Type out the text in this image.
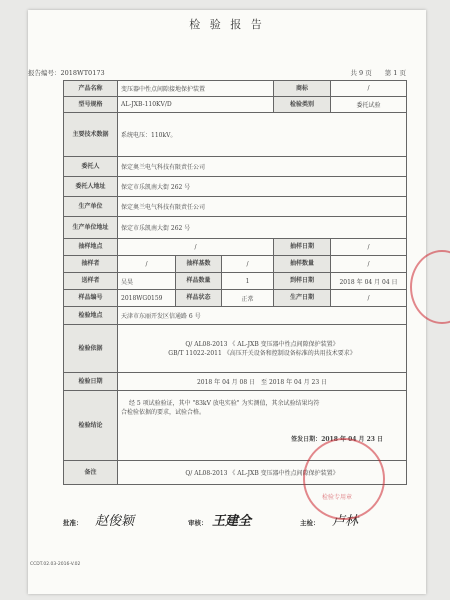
检 验 报 告
报告编号：2018WT0173	共 9 页　　第 1 页
产品名称	变压器中性点间隙接地保护装置			商标	/
型号规格	AL-JXB-110KV/D			检验类别	委托试验
主要技术数据	系统电压：110kV。				
委托人	保定奥兰电气科技有限责任公司				
委托人地址	保定市乐凯南大街 262 号				
生产单位	保定奥兰电气科技有限责任公司				
生产单位地址	保定市乐凯南大街 262 号				
抽样地点	/			抽样日期	/
抽样者	/	抽样基数	/	抽样数量	/
送样者	吴昊	样品数量	1	到样日期	2018 年 04 月 04 日
样品编号	2018WG0159	样品状态	正常	生产日期	/
检验地点	天津市东丽开发区信通路 6 号				
检验依据	Q/ AL08-2013 《 AL-JXB 变压器中性点间隙保护装置》
GB/T 11022-2011 《高压开关设备和控制设备标准的共用技术要求》				

检验日期	2018 年 04 月 08 日　至 2018 年 04 月 23 日				
检验结论	经 5 项试验验证，其中 "83kV 放电实验" 为实测值，其余试验结果均符
合检验依据的要求，试验合格。
签发日期：2018 年 04 月 23 日				

备注	Q/ AL08-2013 《 AL-JXB 变压器中性点间隙保护装置》				
批准： 赵俊颖	审核： 王建全	主检： 卢林
CCDT.02.03-2016-V.02
检验专用章
